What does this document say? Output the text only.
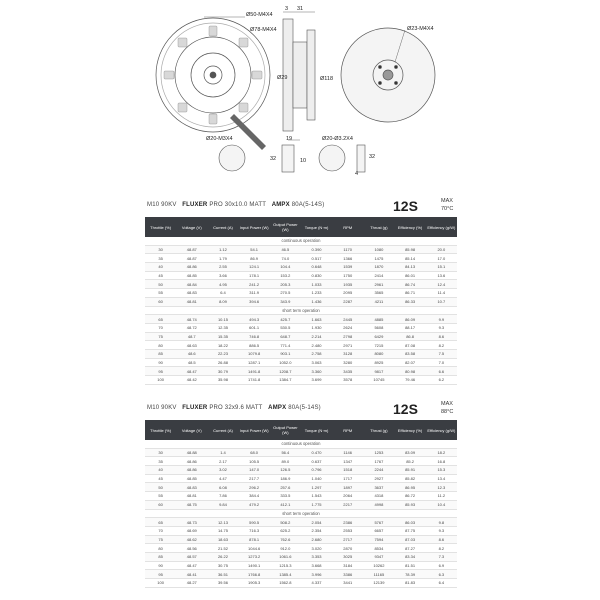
Ø50-M4X4
Ø78-M4X4	Ø23-M4X4
Ø20-M3X4	Ø20-Ø3.2X4
Ø29	Ø118
3 31
19
10
32	32
4
M10 90KV FLUXER PRO 30x10.0 MATT AMPX 80A(5-14S)	12S	MAX
70°C
Throttle (%)	Voltage (V)	Current (A)	Input Power (W)	Output Power (W)	Torque (N·m)	RPM	Thrust (g)	Efficiency (%)	Efficiency (g/W)
continuous operation									
30	48.87	1.12	54.1	46.5	0.390	1170	1080	85.98	20.0
35	48.87	1.79	86.9	74.0	0.517	1366	1475	85.14	17.0
40	48.86	2.55	124.1	104.4	0.648	1539	1870	84.13	15.1
45	48.85	3.66	178.1	153.2	0.830	1750	2414	86.01	13.6
50	48.84	4.95	241.2	205.3	1.033	1935	2961	86.74	12.4
55	48.83	6.4	311.9	270.5	1.233	2095	3565	86.71	11.4
60	48.81	8.09	394.6	343.9	1.436	2287	4211	86.33	10.7
short term operation									
65	48.74	10.15	494.3	425.7	1.663	2445	4885	86.09	9.9
70	48.72	12.35	601.1	530.5	1.930	2624	5608	88.17	9.3
75	48.7	15.35	746.8	648.7	2.214	2798	6429	86.8	8.6
80	48.63	18.22	886.5	771.4	2.480	2971	7215	87.08	8.2
85	48.6	22.23	1079.8	903.1	2.758	3128	8080	83.58	7.5
90	48.5	26.88	1287.1	1052.0	3.063	3280	8925	82.07	7.0
95	48.47	30.79	1491.8	1208.7	3.360	3435	9817	80.98	6.6
100	48.42	35.98	1741.8	1384.7	3.699	3578	10745	79.46	6.2
M10 90KV FLUXER PRO 32x9.6 MATT AMPX 80A(5-14S)	12S	MAX
88°C
Throttle (%)	Voltage (V)	Current (A)	Input Power (W)	Output Power (W)	Torque (N·m)	RPM	Thrust (g)	Efficiency (%)	Efficiency (g/W)
continuous operation									
30	48.88	1.4	68.0	56.4	0.470	1146	1253	83.09	18.2
35	48.86	2.17	105.5	89.0	0.637	1347	1767	85.2	16.8
40	48.86	3.02	147.0	126.5	0.796	1518	2244	85.91	15.3
45	48.85	4.47	217.7	186.9	1.040	1717	2927	85.82	13.4
50	48.83	6.08	296.2	257.6	1.297	1897	3637	86.95	12.3
55	48.81	7.86	384.4	333.5	1.543	2064	4318	86.72	11.2
60	48.75	9.84	479.2	412.1	1.775	2217	4998	85.93	10.4
short term operation									
65	48.73	12.13	590.5	508.2	2.054	2386	5767	86.03	9.8
70	48.69	14.75	716.3	625.2	2.354	2553	6657	87.75	9.3
75	48.62	18.63	878.1	762.6	2.680	2717	7594	87.03	8.6
80	48.56	21.52	1044.6	912.0	3.020	2870	8534	87.27	8.2
85	48.57	26.22	1273.2	1061.6	3.353	3025	9347	83.34	7.3
90	48.47	30.75	1490.1	1215.3	3.668	3184	10262	81.51	6.9
95	48.41	36.51	1766.8	1385.4	3.996	3386	11165	78.39	6.3
100	48.27	39.56	1905.3	1562.8	4.337	3441	12139	81.83	6.4
